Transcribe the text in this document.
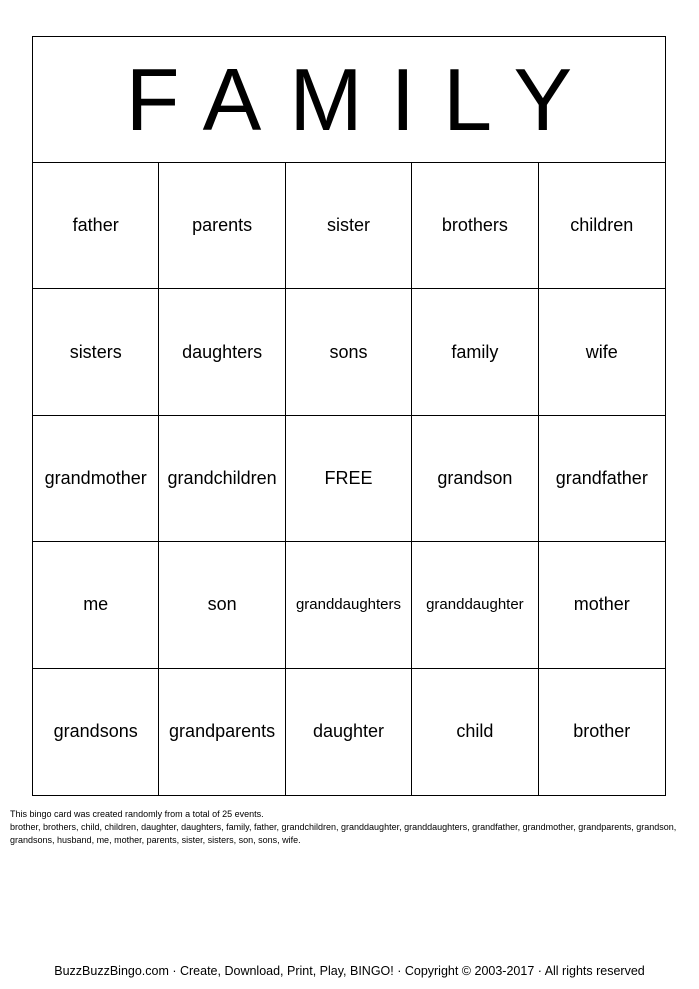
FAMILY
father	parents	sister	brothers	children
sisters	daughters	sons	family	wife
grandmother	grandchildren	FREE	grandson	grandfather
me	son	granddaughters	granddaughter	mother
grandsons	grandparents	daughter	child	brother

This bingo card was created randomly from a total of 25 events.

brother, brothers, child, children, daughter, daughters, family, father, grandchildren, granddaughter, granddaughters, grandfather, grandmother, grandparents, grandson, grandsons, husband, me, mother, parents, sister, sisters, son, sons, wife.

BuzzBuzzBingo.com · Create, Download, Print, Play, BINGO! · Copyright © 2003-2017 · All rights reserved
